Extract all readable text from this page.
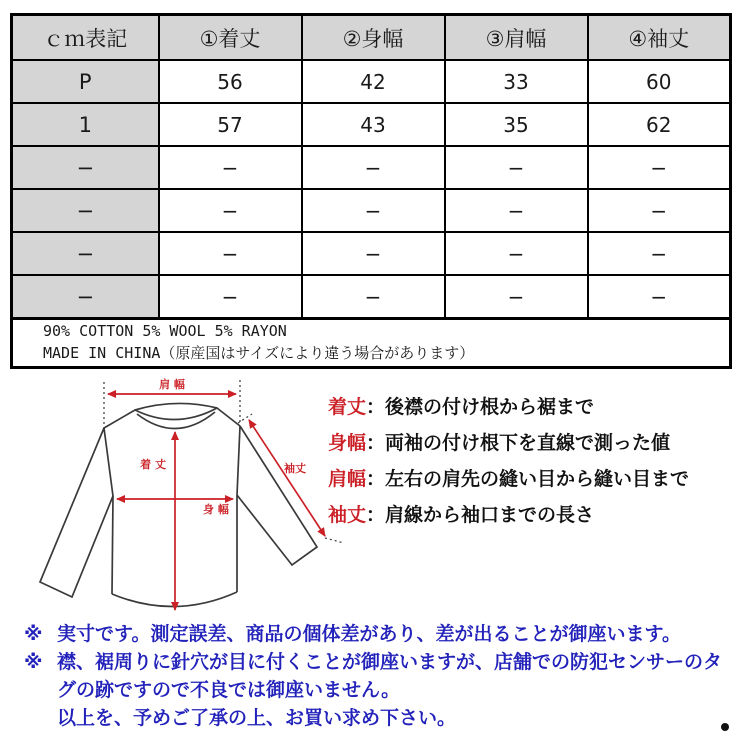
ｃｍ表記	①着丈	②身幅	③肩幅	④袖丈
P	56	42	33	60
1	57	43	35	62
−	−	−	−	−
−	−	−	−	−
−	−	−	−	−
−	−	−	−	−

90% COTTON 5% WOOL 5% RAYON
MADE IN CHINA（原産国はサイズにより違う場合があります）				
肩 幅
着 丈
身 幅
袖丈
着丈：後襟の付け根から裾まで
身幅：両袖の付け根下を直線で測った値
肩幅：左右の肩先の縫い目から縫い目まで
袖丈：肩線から袖口までの長さ
※ 実寸です。測定誤差、商品の個体差があり、差が出ることが御座います。
※ 襟、裾周りに針穴が目に付くことが御座いますが、店舗での防犯センサーのタ
グの跡ですので不良では御座いません。
以上を、予めご了承の上、お買い求め下さい。
